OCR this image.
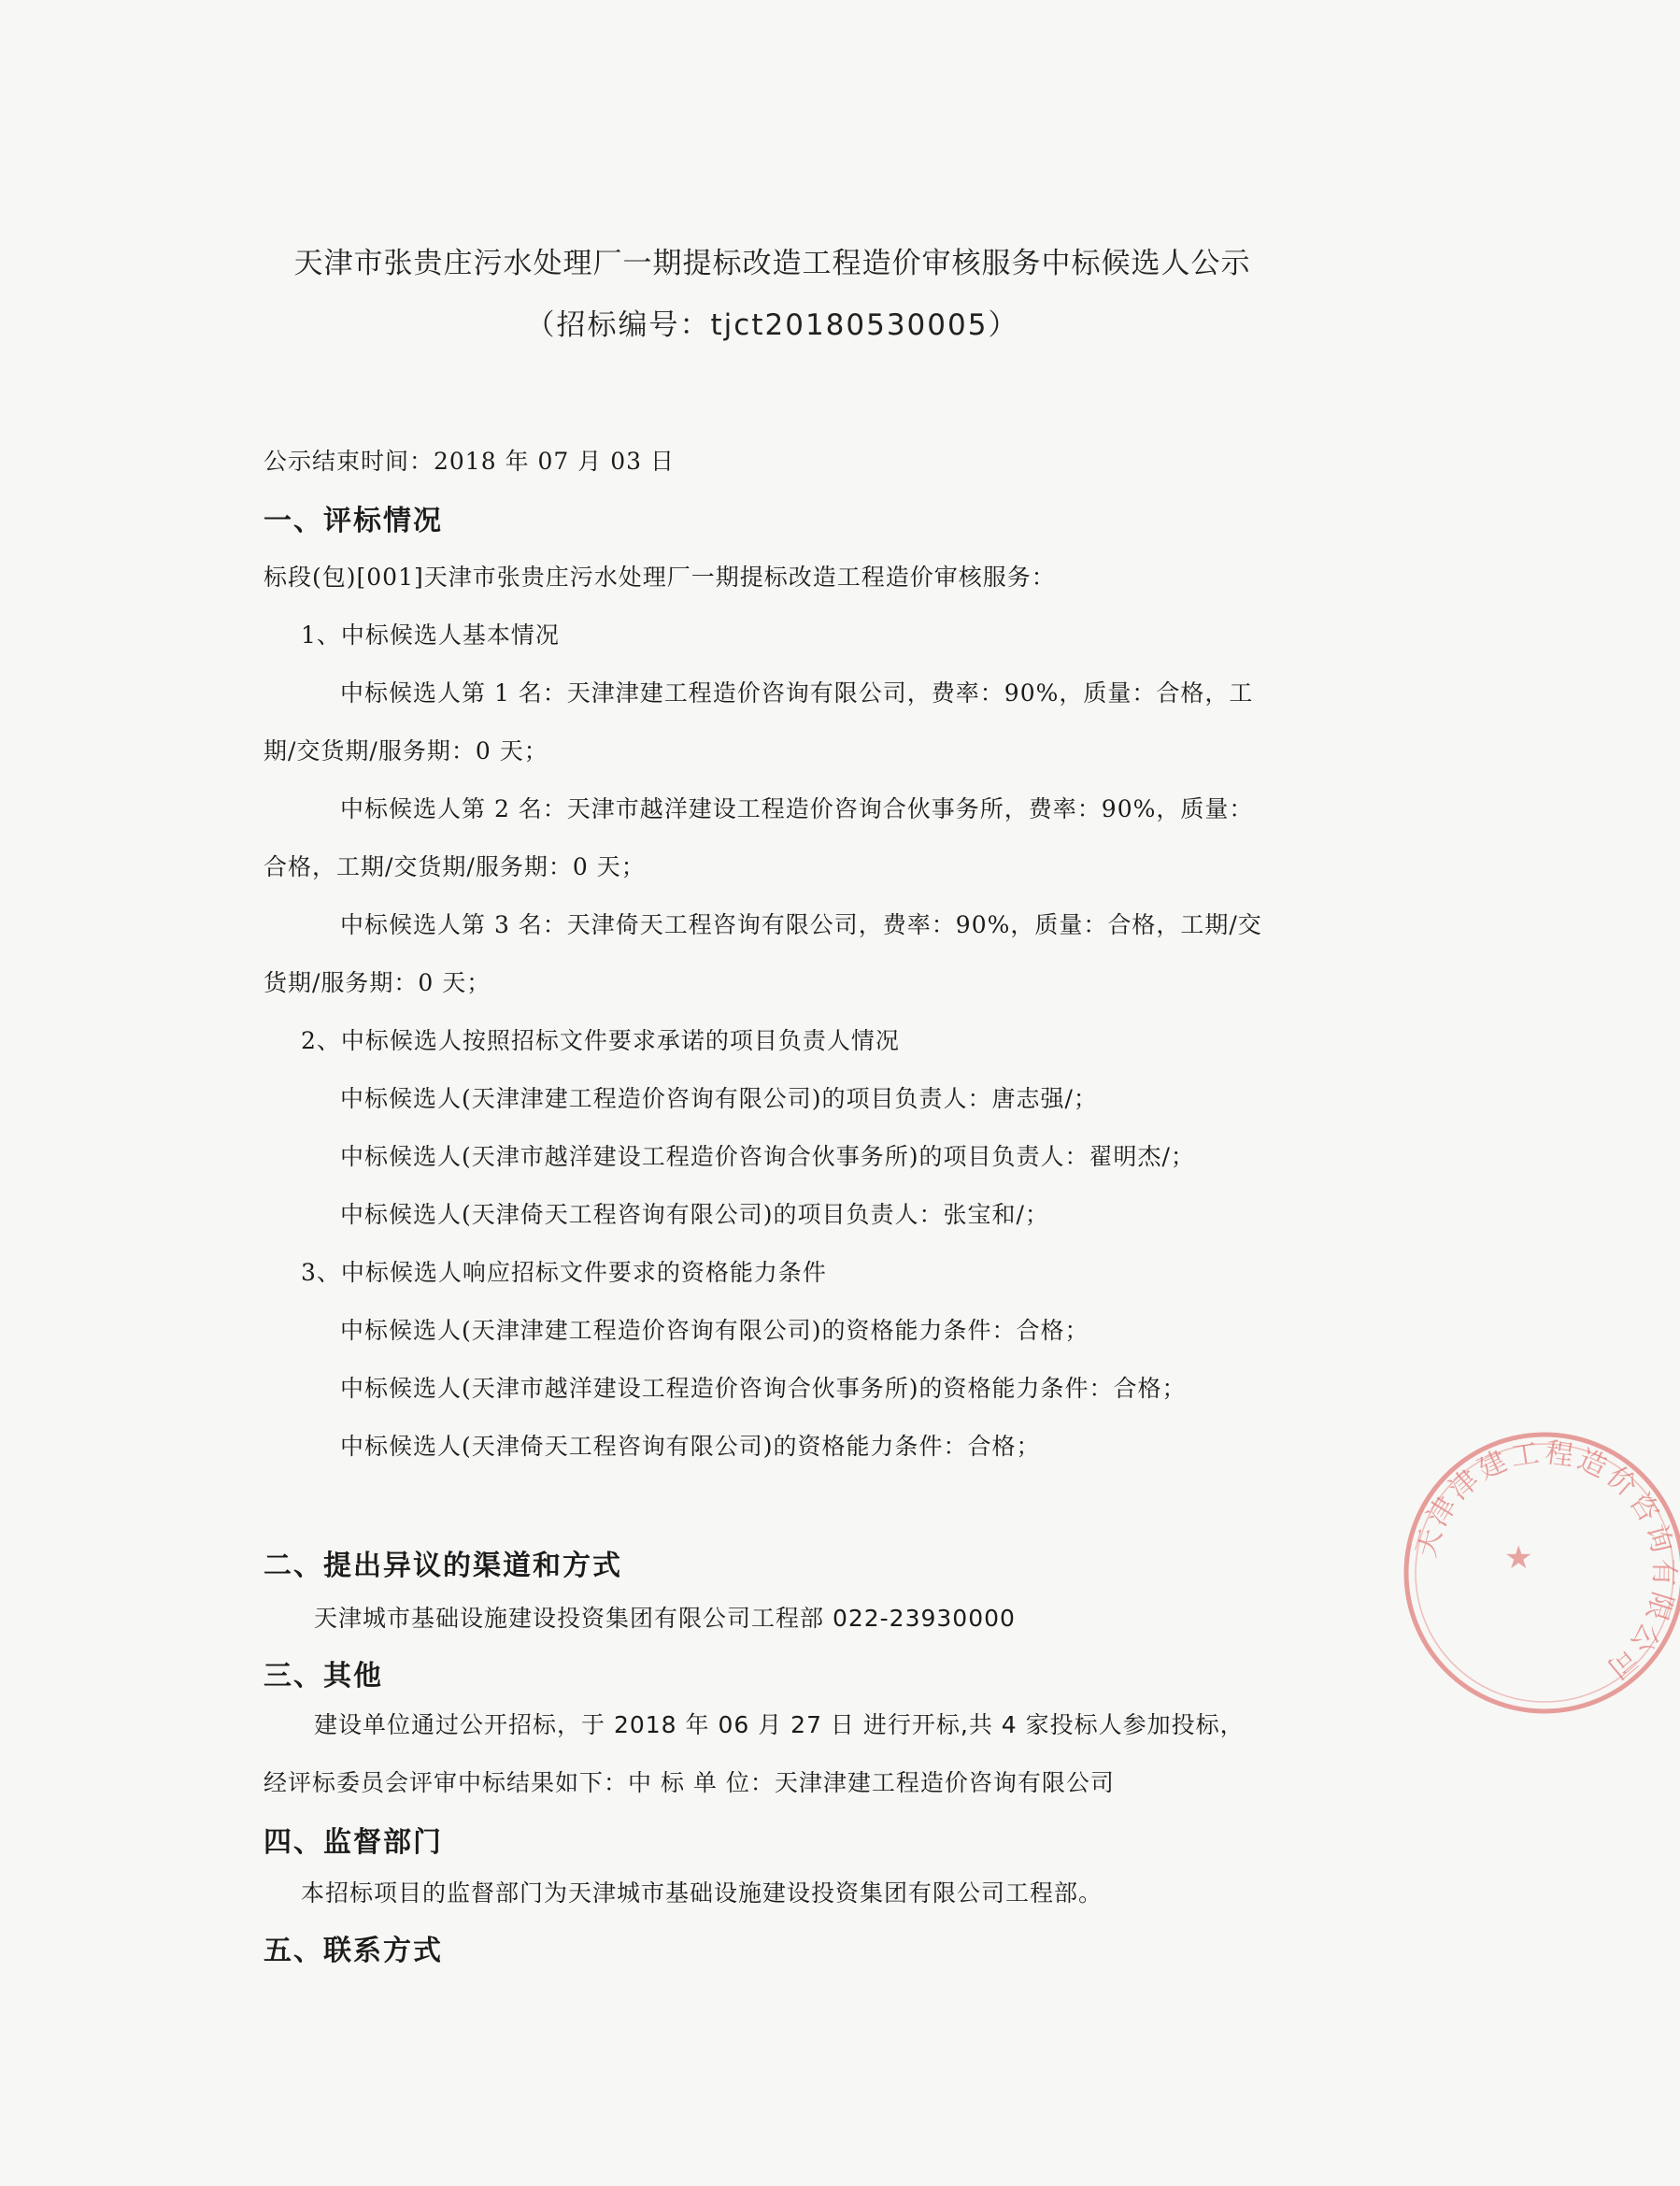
天津市张贵庄污水处理厂一期提标改造工程造价审核服务中标候选人公示
（招标编号：tjct20180530005）
公示结束时间：2018 年 07 月 03 日
一、评标情况
标段(包)[001]天津市张贵庄污水处理厂一期提标改造工程造价审核服务：
1、中标候选人基本情况
中标候选人第 1 名：天津津建工程造价咨询有限公司，费率：90%，质量：合格，工
期/交货期/服务期：0 天；
中标候选人第 2 名：天津市越洋建设工程造价咨询合伙事务所，费率：90%，质量：
合格，工期/交货期/服务期：0 天；
中标候选人第 3 名：天津倚天工程咨询有限公司，费率：90%，质量：合格，工期/交
货期/服务期：0 天；
2、中标候选人按照招标文件要求承诺的项目负责人情况
中标候选人(天津津建工程造价咨询有限公司)的项目负责人：唐志强/；
中标候选人(天津市越洋建设工程造价咨询合伙事务所)的项目负责人：翟明杰/；
中标候选人(天津倚天工程咨询有限公司)的项目负责人：张宝和/；
3、中标候选人响应招标文件要求的资格能力条件
中标候选人(天津津建工程造价咨询有限公司)的资格能力条件：合格；
中标候选人(天津市越洋建设工程造价咨询合伙事务所)的资格能力条件：合格；
中标候选人(天津倚天工程咨询有限公司)的资格能力条件：合格；
二、提出异议的渠道和方式
天津城市基础设施建设投资集团有限公司工程部 022-23930000
三、其他
建设单位通过公开招标，于 2018 年 06 月 27 日 进行开标,共 4 家投标人参加投标，
经评标委员会评审中标结果如下：中 标 单 位：天津津建工程造价咨询有限公司
四、监督部门
本招标项目的监督部门为天津城市基础设施建设投资集团有限公司工程部。
五、联系方式
天津津建工程造价咨询有限公司
★
